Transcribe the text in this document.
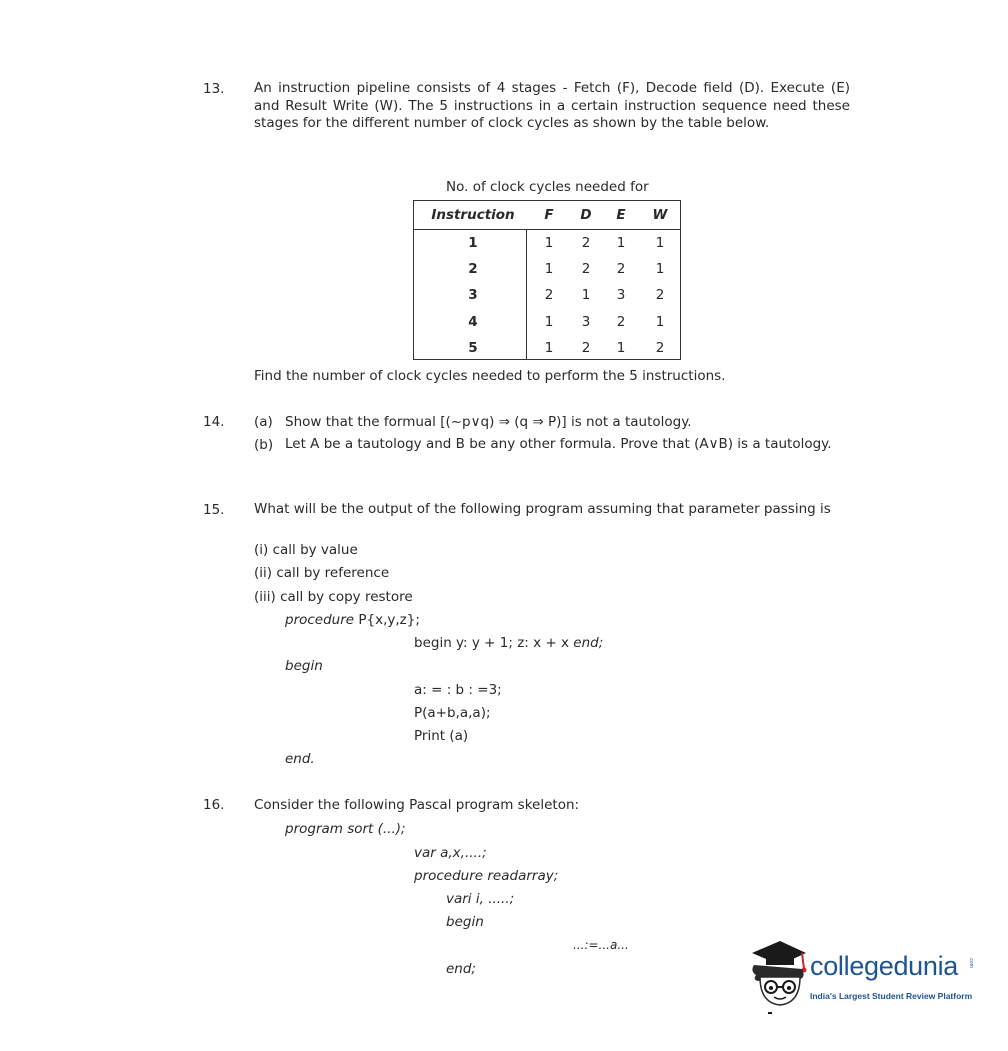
13. An instruction pipeline consists of 4 stages - Fetch (F), Decode field (D). Execute (E) and Result Write (W). The 5 instructions in a certain instruction sequence need these stages for the different number of clock cycles as shown by the table below.
No. of clock cycles needed for
Instruction F D E W
1	1 2 1 1
2	1 2 2 1
3	2 1 3 2
4	1 3 2 1
5	1 2 1 2
Find the number of clock cycles needed to perform the 5 instructions.
14. (a) Show that the formual [(~p∨q) ⇒ (q ⇒ P)] is not a tautology.
(b) Let A be a tautology and B be any other formula. Prove that (A∨B) is a tautology.
15. What will be the output of the following program assuming that parameter passing is
(i) call by value
(ii) call by reference
(iii) call by copy restore
procedure P{x,y,z};
begin y: y + 1; z: x + x end;
begin
a: = : b : =3;
P(a+b,a,a);
Print (a)
end.
16. Consider the following Pascal program skeleton:
program sort (...);
var a,x,....;
procedure readarray;
vari i, .....;
begin
...:=...a...
end;	collegedunia .com
India's Largest Student Review Platform
